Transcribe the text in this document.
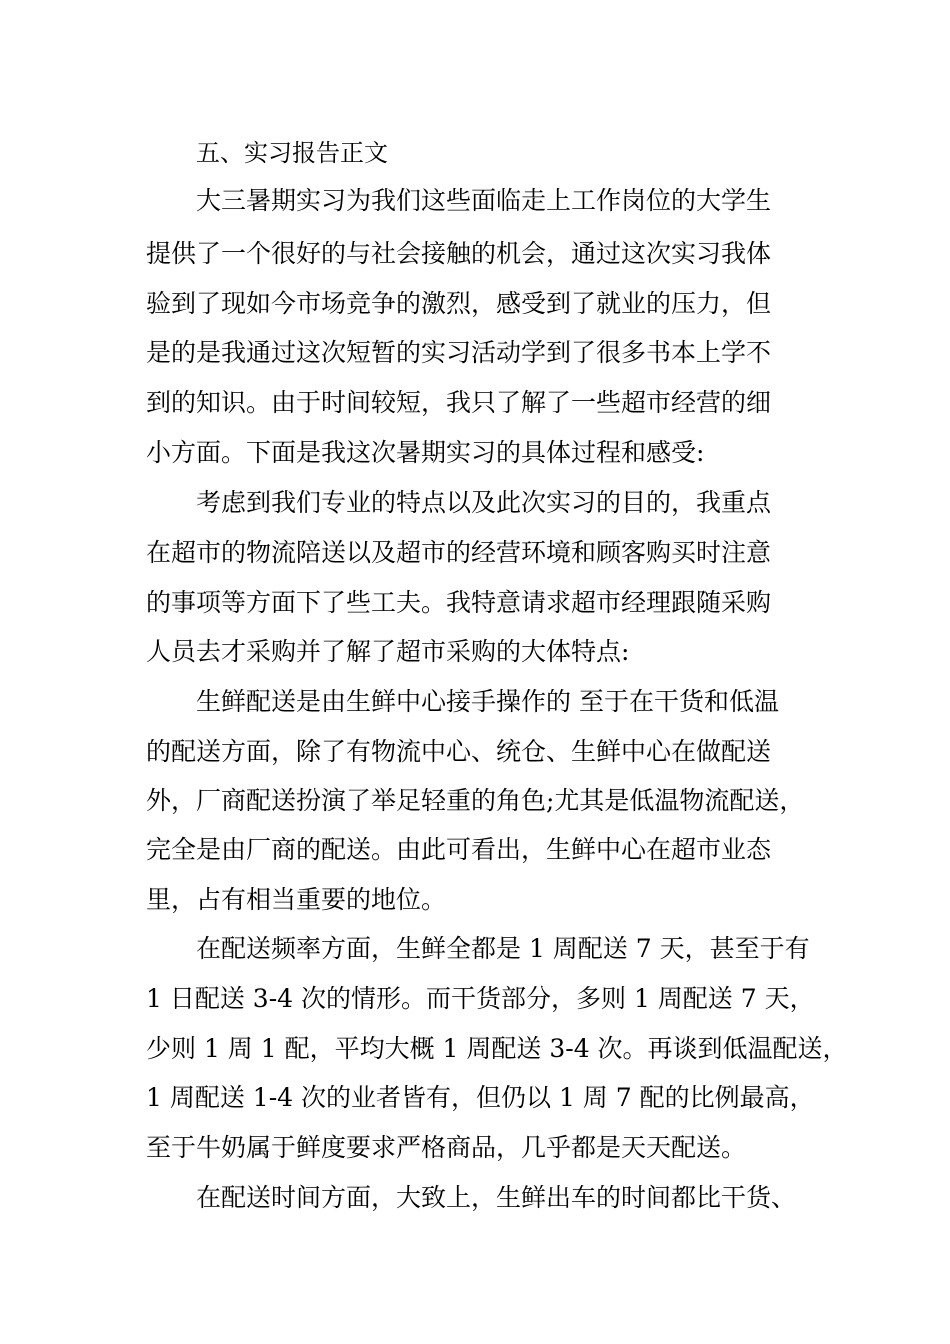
五、实习报告正文
大三暑期实习为我们这些面临走上工作岗位的大学生
提供了一个很好的与社会接触的机会，通过这次实习我体
验到了现如今市场竞争的激烈，感受到了就业的压力，但
是的是我通过这次短暂的实习活动学到了很多书本上学不
到的知识。由于时间较短，我只了解了一些超市经营的细
小方面。下面是我这次暑期实习的具体过程和感受:
考虑到我们专业的特点以及此次实习的目的，我重点
在超市的物流陪送以及超市的经营环境和顾客购买时注意
的事项等方面下了些工夫。我特意请求超市经理跟随采购
人员去才采购并了解了超市采购的大体特点:
生鲜配送是由生鲜中心接手操作的 至于在干货和低温
的配送方面，除了有物流中心、统仓、生鲜中心在做配送
外，厂商配送扮演了举足轻重的角色;尤其是低温物流配送，
完全是由厂商的配送。由此可看出，生鲜中心在超市业态
里，占有相当重要的地位。
在配送频率方面，生鲜全都是 1 周配送 7 天，甚至于有
1 日配送 3-4 次的情形。而干货部分，多则 1 周配送 7 天，
少则 1 周 1 配，平均大概 1 周配送 3-4 次。再谈到低温配送，
1 周配送 1-4 次的业者皆有，但仍以 1 周 7 配的比例最高，
至于牛奶属于鲜度要求严格商品，几乎都是天天配送。
在配送时间方面，大致上，生鲜出车的时间都比干货、
